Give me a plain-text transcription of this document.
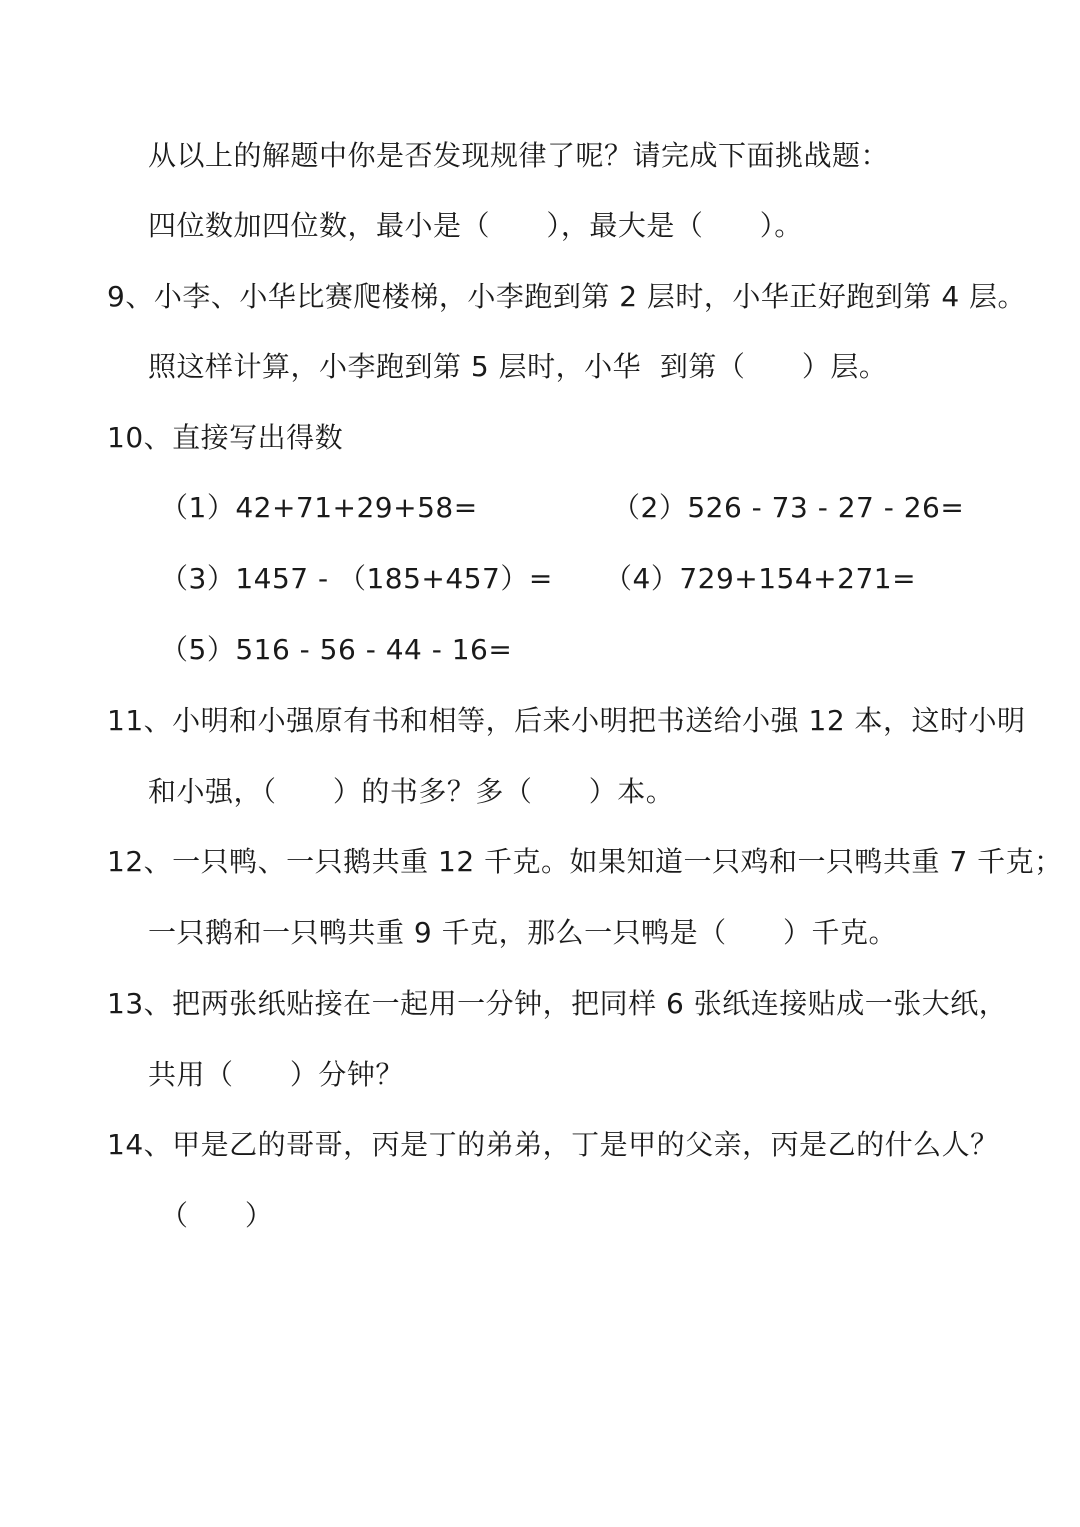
从以上的解题中你是否发现规律了呢？请完成下面挑战题：
四位数加四位数，最小是（      ），最大是（      ）。
9、小李、小华比赛爬楼梯，小李跑到第 2 层时，小华正好跑到第 4 层。
照这样计算，小李跑到第 5 层时，小华  到第（      ）层。
10、直接写出得数
（1）42+71+29+58=	（2）526 - 73 - 27 - 26=
（3）1457 - （185+457）= （4）729+154+271=
（5）516 - 56 - 44 - 16=
11、小明和小强原有书和相等，后来小明把书送给小强 12 本，这时小明
和小强，（      ）的书多？多（      ）本。
12、一只鸭、一只鹅共重 12 千克。如果知道一只鸡和一只鸭共重 7 千克；
一只鹅和一只鸭共重 9 千克，那么一只鸭是（      ）千克。
13、把两张纸贴接在一起用一分钟，把同样 6 张纸连接贴成一张大纸，
共用（      ）分钟？
14、甲是乙的哥哥，丙是丁的弟弟，丁是甲的父亲，丙是乙的什么人？
（      ）
